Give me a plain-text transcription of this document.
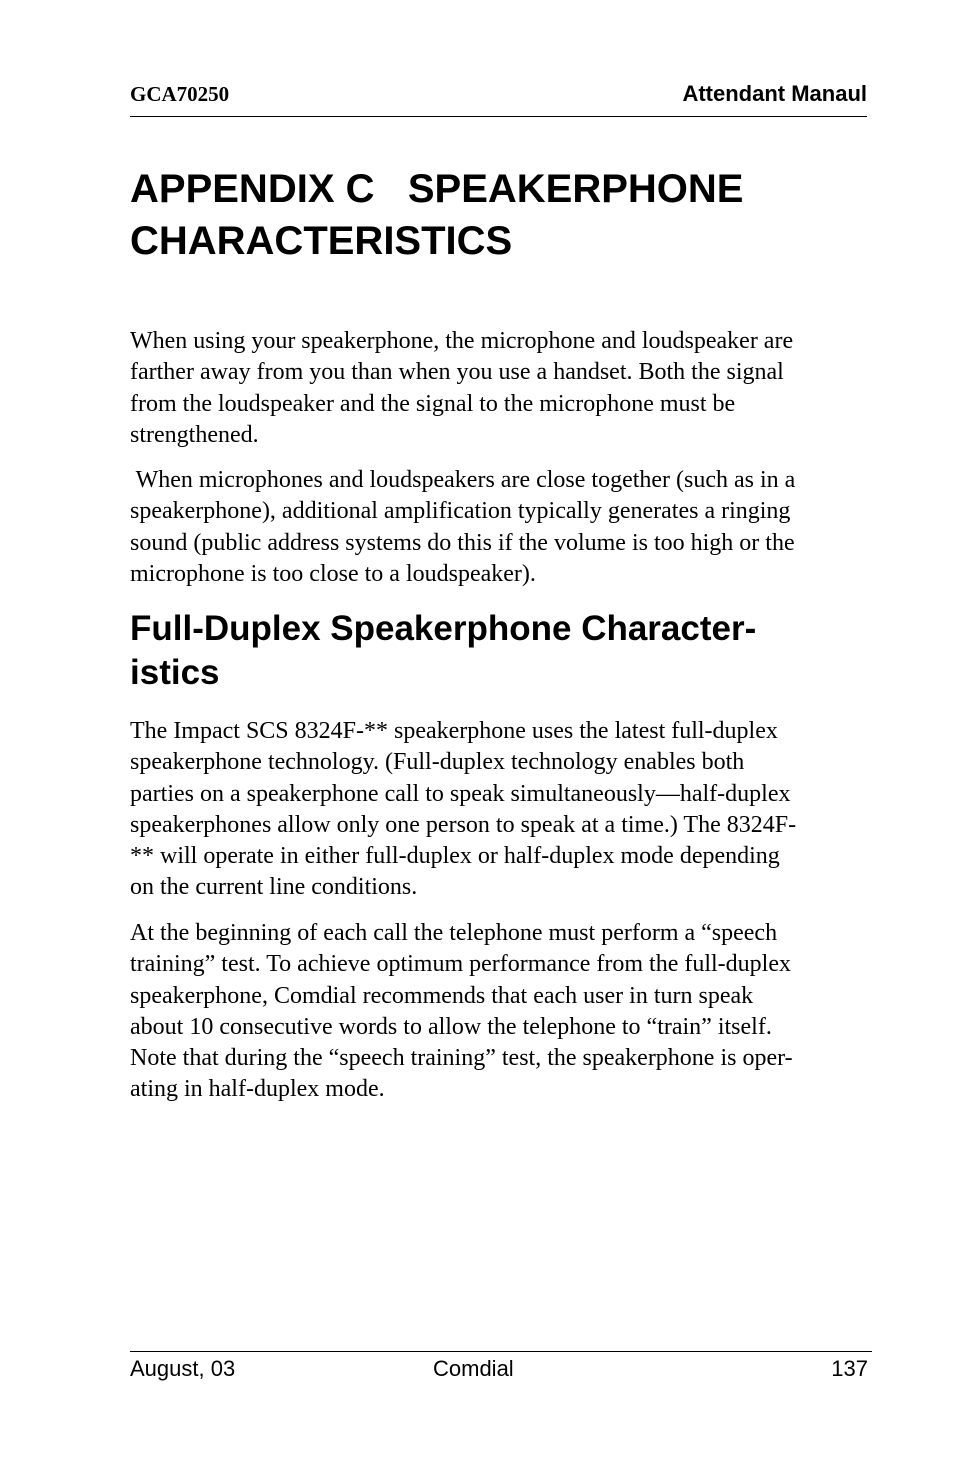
GCA70250	Attendant Manaul
APPENDIX C   SPEAKERPHONE
CHARACTERISTICS

When using your speakerphone, the microphone and loudspeaker are
farther away from you than when you use a handset. Both the signal
from the loudspeaker and the signal to the microphone must be
strengthened.

When microphones and loudspeakers are close together (such as in a
speakerphone), additional amplification typically generates a ringing
sound (public address systems do this if the volume is too high or the
microphone is too close to a loudspeaker).

Full-Duplex Speakerphone Character-
istics

The Impact SCS 8324F-** speakerphone uses the latest full-duplex
speakerphone technology. (Full-duplex technology enables both
parties on a speakerphone call to speak simultaneously—half-duplex
speakerphones allow only one person to speak at a time.) The 8324F-
** will operate in either full-duplex or half-duplex mode depending
on the current line conditions.

At the beginning of each call the telephone must perform a “speech
training” test. To achieve optimum performance from the full-duplex
speakerphone, Comdial recommends that each user in turn speak
about 10 consecutive words to allow the telephone to “train” itself.
Note that during the “speech training” test, the speakerphone is oper-
ating in half-duplex mode.

August, 03	Comdial	137
